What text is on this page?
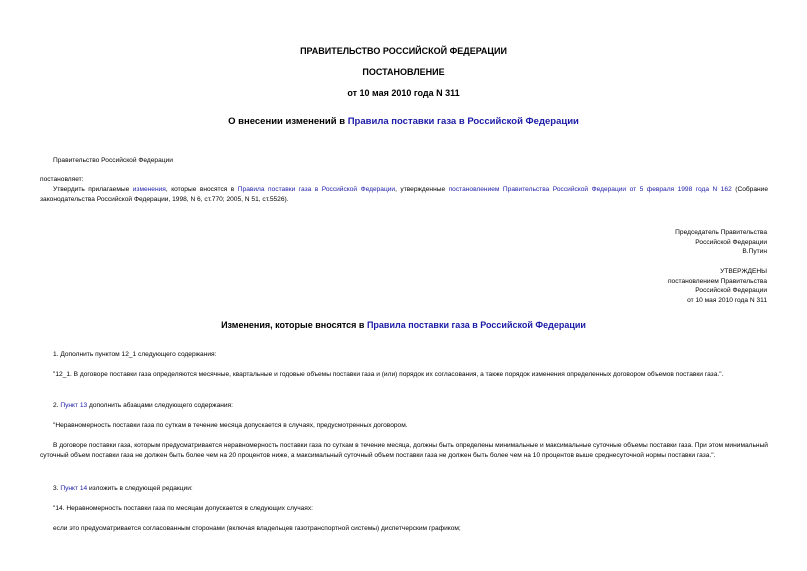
ПРАВИТЕЛЬСТВО РОССИЙСКОЙ ФЕДЕРАЦИИ
ПОСТАНОВЛЕНИЕ
от 10 мая 2010 года N 311
О внесении изменений в Правила поставки газа в Российской Федерации
Правительство Российской Федерации
постановляет:
Утвердить прилагаемые изменения, которые вносятся в Правила поставки газа в Российской Федерации, утвержденные постановлением Правительства Российской Федерации от 5 февраля 1998 года N 162 (Собрание законодательства Российской Федерации, 1998, N 6, ст.770; 2005, N 51, ст.5526).
Председатель Правительства
Российской Федерации
В.Путин
УТВЕРЖДЕНЫ
постановлением Правительства
Российской Федерации
от 10 мая 2010 года N 311
Изменения, которые вносятся в Правила поставки газа в Российской Федерации
1. Дополнить пунктом 12_1 следующего содержания:
"12_1. В договоре поставки газа определяются месячные, квартальные и годовые объемы поставки газа и (или) порядок их согласования, а также порядок изменения определенных договором объемов поставки газа.".
2. Пункт 13 дополнить абзацами следующего содержания:
"Неравномерность поставки газа по суткам в течение месяца допускается в случаях, предусмотренных договором.
В договоре поставки газа, которым предусматривается неравномерность поставки газа по суткам в течение месяца, должны быть определены минимальные и максимальные суточные объемы поставки газа. При этом минимальный суточный объем поставки газа не должен быть более чем на 20 процентов ниже, а максимальный суточный объем поставки газа не должен быть более чем на 10 процентов выше среднесуточной нормы поставки газа.".
3. Пункт 14 изложить в следующей редакции:
"14. Неравномерность поставки газа по месяцам допускается в следующих случаях:
если это предусматривается согласованным сторонами (включая владельцев газотранспортной системы) диспетчерским графиком;
